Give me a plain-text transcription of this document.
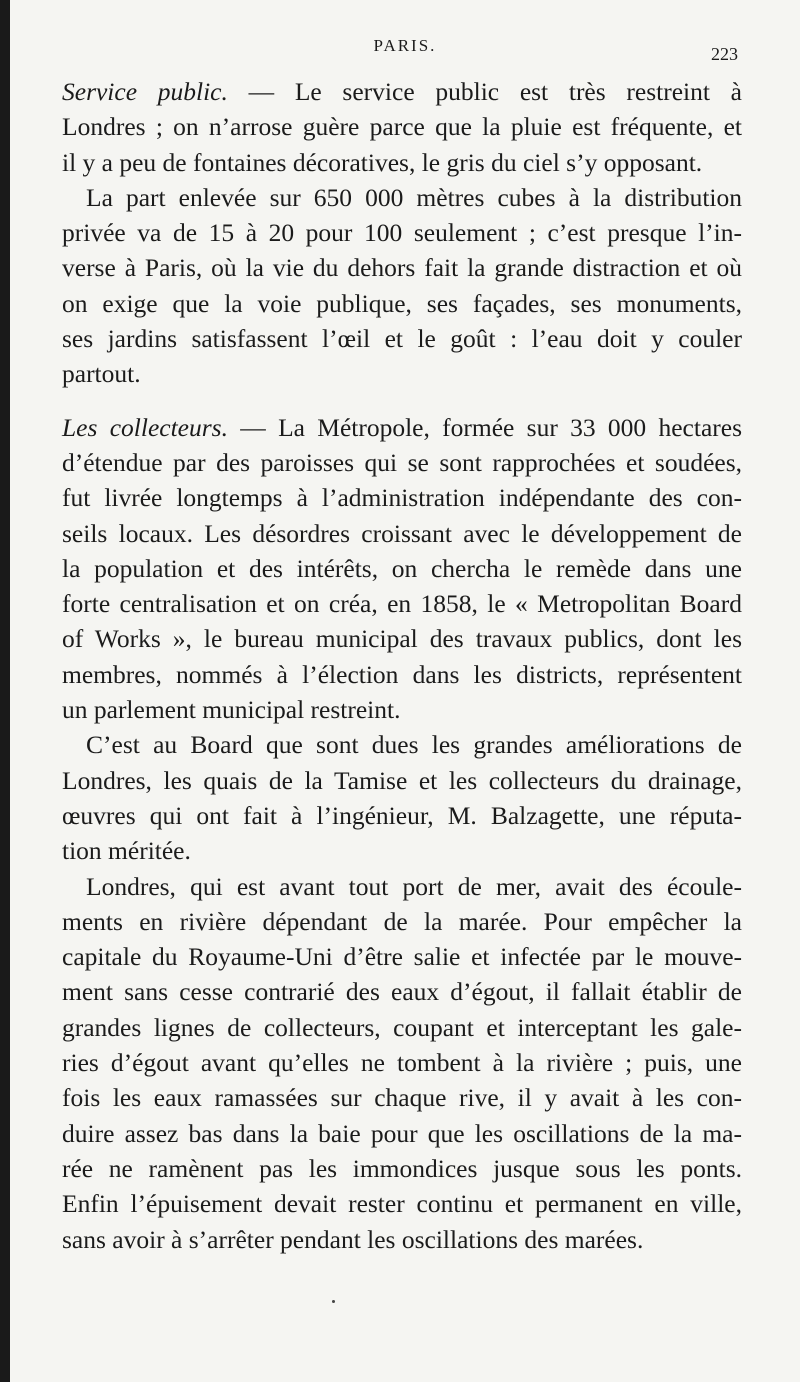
PARIS.	223
Service public. — Le service public est très restreint à
Londres ; on n’arrose guère parce que la pluie est fréquente, et
il y a peu de fontaines décoratives, le gris du ciel s’y opposant.
La part enlevée sur 650 000 mètres cubes à la distribution
privée va de 15 à 20 pour 100 seulement ; c’est presque l’in-
verse à Paris, où la vie du dehors fait la grande distraction et où
on exige que la voie publique, ses façades, ses monuments,
ses jardins satisfassent l’œil et le goût : l’eau doit y couler
partout.
Les collecteurs. — La Métropole, formée sur 33 000 hectares
d’étendue par des paroisses qui se sont rapprochées et soudées,
fut livrée longtemps à l’administration indépendante des con-
seils locaux. Les désordres croissant avec le développement de
la population et des intérêts, on chercha le remède dans une
forte centralisation et on créa, en 1858, le « Metropolitan Board
of Works », le bureau municipal des travaux publics, dont les
membres, nommés à l’élection dans les districts, représentent
un parlement municipal restreint.
C’est au Board que sont dues les grandes améliorations de
Londres, les quais de la Tamise et les collecteurs du drainage,
œuvres qui ont fait à l’ingénieur, M. Balzagette, une réputa-
tion méritée.
Londres, qui est avant tout port de mer, avait des écoule-
ments en rivière dépendant de la marée. Pour empêcher la
capitale du Royaume-Uni d’être salie et infectée par le mouve-
ment sans cesse contrarié des eaux d’égout, il fallait établir de
grandes lignes de collecteurs, coupant et interceptant les gale-
ries d’égout avant qu’elles ne tombent à la rivière ; puis, une
fois les eaux ramassées sur chaque rive, il y avait à les con-
duire assez bas dans la baie pour que les oscillations de la ma-
rée ne ramènent pas les immondices jusque sous les ponts.
Enfin l’épuisement devait rester continu et permanent en ville,
sans avoir à s’arrêter pendant les oscillations des marées.
